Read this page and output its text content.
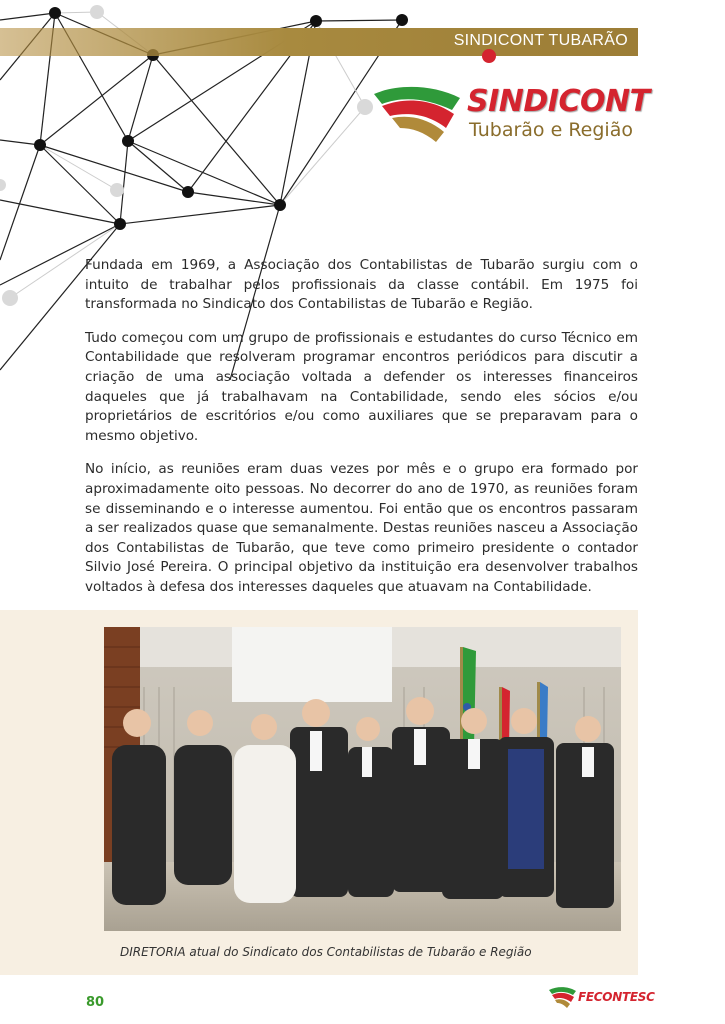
SINDICONT TUBARÃO
SINDICONT
Tubarão e Região

Fundada em 1969, a Associação dos Contabilistas de Tubarão surgiu com o intuito de trabalhar pelos profissionais da classe contábil. Em 1975 foi transformada no Sindicato dos Contabilistas de Tubarão e Região.

Tudo começou com um grupo de profissionais e estudantes do curso Técnico em Contabilidade que resolveram programar encontros periódicos para discutir a criação de uma associação voltada a defender os interesses financeiros daqueles que já trabalhavam na Contabilidade, sendo eles sócios e/ou proprietários de escritórios e/ou como auxiliares que se preparavam para o mesmo objetivo.

No início, as reuniões eram duas vezes por mês e o grupo era formado por aproximadamente oito pessoas. No decorrer do ano de 1970, as reuniões foram se disseminando e o interesse aumentou. Foi então que os encontros passaram a ser realizados quase que semanalmente. Destas reuniões nasceu a Associação dos Contabilistas de Tubarão, que teve como primeiro presidente o contador Silvio José Pereira. O principal objetivo da instituição era desenvolver trabalhos voltados à defesa dos interesses daqueles que atuavam na Contabilidade.

DIRETORIA atual do Sindicato dos Contabilistas de Tubarão e Região
80	FECONTESC
